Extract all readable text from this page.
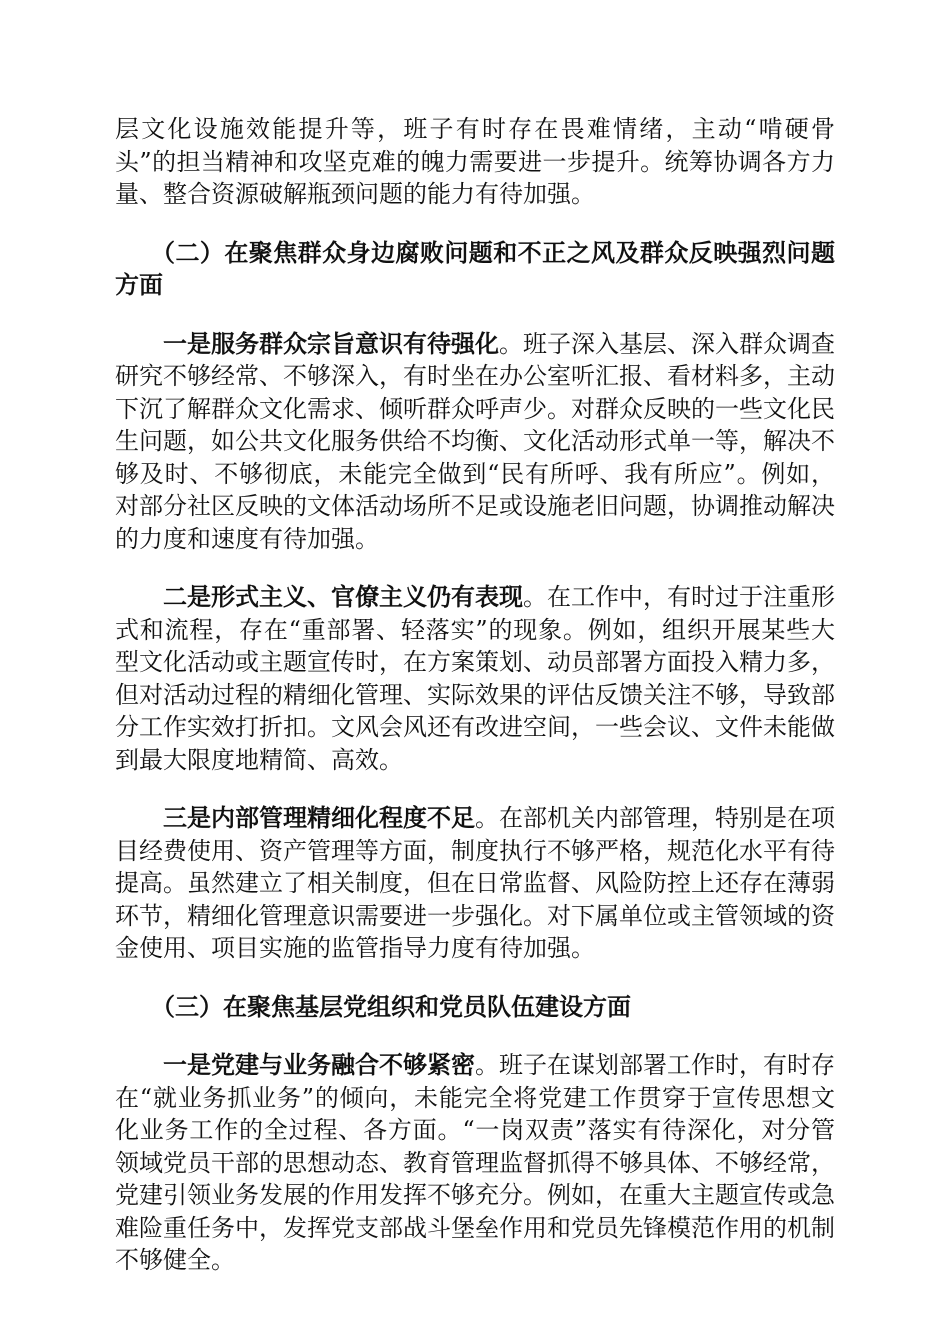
层文化设施效能提升等，班子有时存在畏难情绪，主动“啃硬骨头”的担当精神和攻坚克难的魄力需要进一步提升。统筹协调各方力量、整合资源破解瓶颈问题的能力有待加强。

（二）在聚焦群众身边腐败问题和不正之风及群众反映强烈问题方面

一是服务群众宗旨意识有待强化。班子深入基层、深入群众调查研究不够经常、不够深入，有时坐在办公室听汇报、看材料多，主动下沉了解群众文化需求、倾听群众呼声少。对群众反映的一些文化民生问题，如公共文化服务供给不均衡、文化活动形式单一等，解决不够及时、不够彻底，未能完全做到“民有所呼、我有所应”。例如，对部分社区反映的文体活动场所不足或设施老旧问题，协调推动解决的力度和速度有待加强。

二是形式主义、官僚主义仍有表现。在工作中，有时过于注重形式和流程，存在“重部署、轻落实”的现象。例如，组织开展某些大型文化活动或主题宣传时，在方案策划、动员部署方面投入精力多，但对活动过程的精细化管理、实际效果的评估反馈关注不够，导致部分工作实效打折扣。文风会风还有改进空间，一些会议、文件未能做到最大限度地精简、高效。

三是内部管理精细化程度不足。在部机关内部管理，特别是在项目经费使用、资产管理等方面，制度执行不够严格，规范化水平有待提高。虽然建立了相关制度，但在日常监督、风险防控上还存在薄弱环节，精细化管理意识需要进一步强化。对下属单位或主管领域的资金使用、项目实施的监管指导力度有待加强。

（三）在聚焦基层党组织和党员队伍建设方面

一是党建与业务融合不够紧密。班子在谋划部署工作时，有时存在“就业务抓业务”的倾向，未能完全将党建工作贯穿于宣传思想文化业务工作的全过程、各方面。“一岗双责”落实有待深化，对分管领域党员干部的思想动态、教育管理监督抓得不够具体、不够经常，党建引领业务发展的作用发挥不够充分。例如，在重大主题宣传或急难险重任务中，发挥党支部战斗堡垒作用和党员先锋模范作用的机制不够健全。
